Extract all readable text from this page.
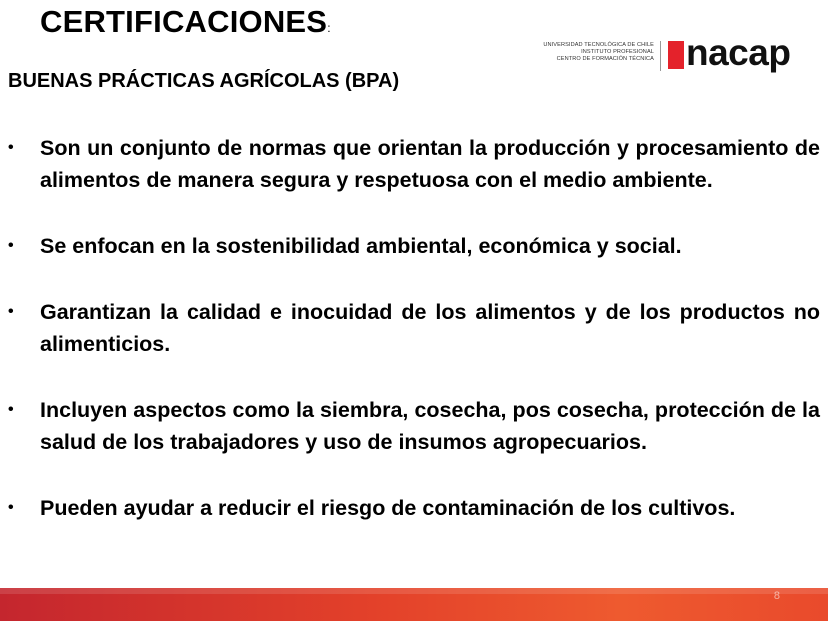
CERTIFICACIONES:
BUENAS PRÁCTICAS AGRÍCOLAS (BPA)
UNIVERSIDAD TECNOLÓGICA DE CHILE
INSTITUTO PROFESIONAL
CENTRO DE FORMACIÓN TÉCNICA nacap
• Son un conjunto de normas que orientan la producción y procesamiento de alimentos de manera segura y respetuosa con el medio ambiente.
• Se enfocan en la sostenibilidad ambiental, económica y social.
• Garantizan la calidad e inocuidad de los alimentos y de los productos no alimenticios.
• Incluyen aspectos como la siembra, cosecha, pos cosecha, protección de la salud de los trabajadores y uso de insumos agropecuarios.
• Pueden ayudar a reducir el riesgo de contaminación de los cultivos.
8
